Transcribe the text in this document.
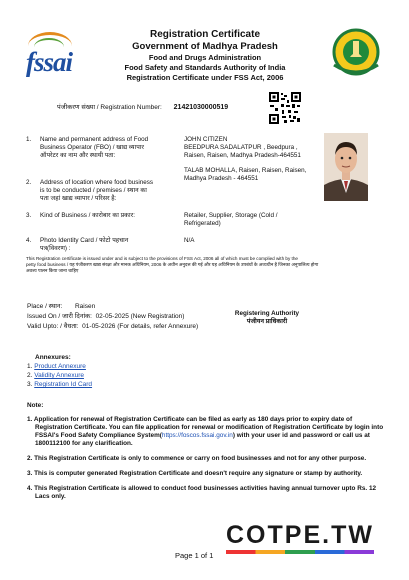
fssai
Registration Certificate
Government of Madhya Pradesh
Food and Drugs Administration
Food Safety and Standards Authority of India
Registration Certificate under FSS Act, 2006
पंजीकरण संख्या / Registration Number: 21421030000519
1. Name and permanent address of Food
Business Operator (FBO) / खाद्य व्यापार
ऑपरेटर का नाम और स्थायी पता:
JOHN CITIZEN
BEEDPURA SADALATPUR , Beedpura ,
Raisen, Raisen, Madhya Pradesh-464551
2. Address of location where food business
is to be conducted / premises / स्थान का
पता जहां खाद्य व्यापार / परिसर है:
TALAB MOHALLA, Raisen, Raisen, Raisen,
Madhya Pradesh - 464551
3. Kind of Business / कारोबार का प्रकार:	Retailer, Supplier, Storage (Cold /
Refrigerated)
4. Photo Identity Card / फोटो पहचान
पत्र(विवरण) :
N/A
This Registration certificate is issued under and is subject to the provisions of FSS Act, 2006 all of which must be complied with by the
petty food business / यह पंजीकरण खाद्य संरक्षा और मानक अधिनियम, 2006 के अधीन अनुदत्त की गई और यह अधिनियम के उपबंधों के अध्यधीन है जिनका अनुपालित्य होगा
अवश्य पालन किया जाना चाहिए
Place / स्थान: Raisen
Issued On / जारी दिनांक: 02-05-2025 (New Registration)
Valid Upto: / वैधता: 01-05-2026 (For details, refer Annexure)
Registering Authority
पंजीयन प्राधिकारी
Annexures:
1. Product Annexure
2. Validity Annexure
3. Registration Id Card
Note:
1. Application for renewal of Registration Certificate can be filed as early as 180 days prior to expiry date of Registration Certificate. You can file application for renewal or modification of Registration Certificate by login into FSSAI's Food Safety Compliance System(https://foscos.fssai.gov.in) with your user id and password or call us at 1800112100 for any clarification.
2. This Registration Certificate is only to commence or carry on food businesses and not for any other purpose.
3. This is computer generated Registration Certificate and doesn't require any signature or stamp by authority.
4. This Registration Certificate is allowed to conduct food businesses activities having annual turnover upto Rs. 12 Lacs only.
COTPE.TW
Page 1 of 1
